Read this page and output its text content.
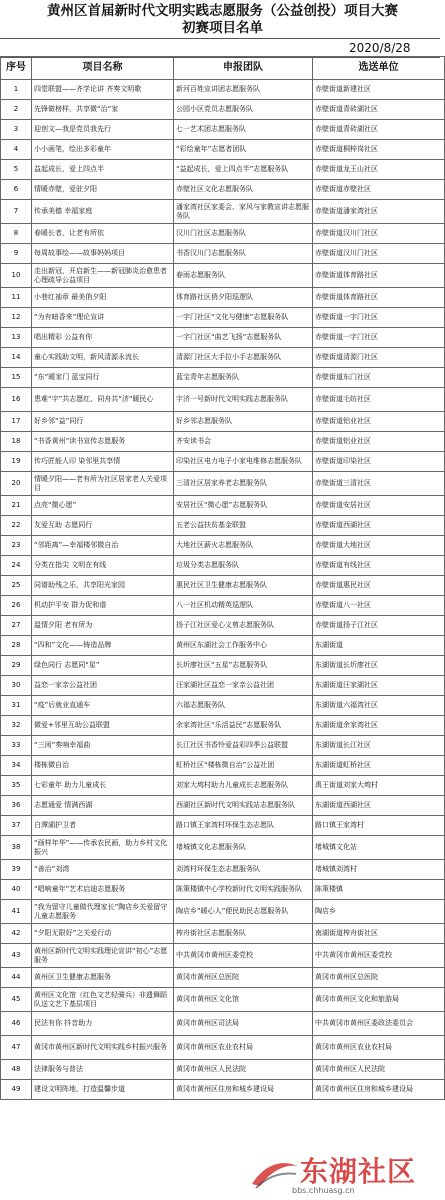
黄州区首届新时代文明实践志愿服务（公益创投）项目大赛
初赛项目名单
2020/8/28
序号	项目名称	申报团队	选送单位
1	四堂联盟——齐学论讲 齐奏文明歌	新河百姓宣讲团志愿服务队	赤壁街道新建社区
2	先锋做榜样，共享微“治”家	公园小区党员志愿服务队	赤壁街道青砖湖社区
3	迎创文—我是党员我先行	七一艺术团志愿服务队	赤壁街道青砖湖社区
4	小小画笔，绘出多彩童年	“彩绘童年”志愿者团队	赤壁街道桐梓岗社区
5	益起成长，爱上四点半	“益起成长，爱上四点半”志愿服务队	赤壁街道龙王山社区
6	情暖赤壁，爱驻夕阳	赤壁社区文化志愿服务队	赤壁街道赤壁社区
7	传承美德 幸福家庭	潘家湾社区家委会、家风与家教宣讲志愿服务队	赤壁街道潘家湾社区
8	春暖长者，让老有所依	汉川门社区志愿服务队	赤壁街道汉川门社区
9	每周故事绘——故事妈妈项目	书香汉川门志愿服务队	赤壁街道汉川门社区
10	走出新冠，开启新生——新冠肺炎治愈患者心理疏导公益项目	春雨志愿服务队	赤壁街道体育路社区
11	小巷红袖章 最美俏夕阳	体育路社区俏夕阳巡逻队	赤壁街道体育路社区
12	“为有暗香来”理论宣讲	一字门社区“文化与健康”志愿服务队	赤壁街道一字门社区
13	唱出精彩 公益有你	一字门社区“曲艺飞扬”志愿服务队	赤壁街道一字门社区
14	童心实践助文明，新风清源永流长	清源门社区大手拉小手志愿服务队	赤壁街道清源门社区
15	“东”暖家门 蓝宝同行	蓝宝青年志愿服务队	赤壁街道东门社区
16	患难“宇”共志愿红、同舟共“济”暖民心	宇济一号新时代文明实践志愿服务队	赤壁街道毛纺社区
17	好乡邻“益”同行	好乡邻志愿服务队	赤壁街道铝业社区
18	“书香黄州”读书宣传志愿服务	齐安读书会	赤壁街道铝业社区
19	传巧匠能人印 染邻里共享情	印染社区电力电子小家电维修志愿服务队	赤壁街道印染社区
20	情暖夕阳——老有所为社区居家老人关爱项目	三清社区居家养老志愿服务队	赤壁街道三清社区
21	点亮“微心愿”	安居社区“微心愿”志愿服务队	赤壁街道安居社区
22	友爱互助 志愿同行	五老公益扶贫基金联盟	赤壁街道西湖社区
23	“邻距离”—幸福楼邻微自治	大地社区薪火志愿服务队	赤壁街道大地社区
24	分类在指尖 文明在有线	垃圾分类志愿服务队	赤壁街道有线社区
25	同谱助残之乐，共享阳光家园	惠民社区卫生健康志愿服务队	赤壁街道惠民社区
26	机动护平安 群力促和谐	八一社区机动精英巡逻队	赤壁街道八一社区
27	温情夕阳 老有所为	扬子江社区爱心义剪志愿服务队	赤壁街道扬子江社区
28	“四和”文化——铸造品牌	黄州区东湖社会工作服务中心	东湖街道
29	绿色同行 志愿同“星”	长圻廖社区“五星”志愿服务队	东湖街道长圻廖社区
30	益恋一家亲公益社团	汪家湖社区益恋一家亲公益社团	东湖街道汪家湖社区
31	“疫”后就业直通车	六福志愿服务队	东湖街道六福湾社区
32	微爱+邻里互助公益联盟	余家湾社区“乐活益民”志愿服务队	东湖街道余家湾社区
33	“三闲”奏响幸福曲	长江社区书香怜爱益彩四季公益联盟	东湖街道长江社区
34	楼栋微自治	虹桥社区“楼栋微自治”公益社团	东湖街道虹桥社区
35	七彩童年 助力儿童成长	刘家大塆村助力儿童成长志愿服务队	禹王街道刘家大塆村
36	志愿通爱 情满西湖	西湖社区新时代文明实践站志愿服务队	东湖街道西湖社区
37	白潭湖护卫者	路口镇王家湾村环保生态志愿队	路口镇王家湾村
38	“画样年华”——传承农民画，助力乡村文化振兴	堵城镇文化志愿服务队	堵城镇文化站
39	“善治”刘湾	刘湾村环保生态志愿服务队	堵城镇刘湾村
40	“唱响童年”艺术启迪志愿服务	陈策楼镇中心学校新时代文明实践服务队	陈策楼镇
41	“我为留守儿童做代理家长”陶店乡关爱留守儿童志愿服务	陶店乡“暖心人”便民助民志愿服务队	陶店乡
42	“夕阳无限好”之关爱行动	榨舟街社区志愿服务队	南湖街道榨舟街社区
43	黄州区新时代文明实践理论宣讲“初心”志愿服务	中共黄冈市黄州区委党校	中共黄冈市黄州区委党校
44	黄州区卫生健康志愿服务	黄冈市黄州区总医院	黄冈市黄州区总医院
45	黄州区文化馆（红色文艺轻骑兵）非遗舞蹈队送文艺下基层项目	黄冈市黄州区文化馆	黄冈市黄州区文化和旅游局
46	民法有你 抖音助力	黄冈市黄州区司法局	中共黄冈市黄州区委政法委员会
47	黄冈市黄州区新时代文明实践乡村振兴服务	黄冈市黄州区农业农村局	黄冈市黄州区农业农村局
48	法律服务与普法	黄冈市黄州区人民法院	黄冈市黄州区人民法院
49	建设文明阵地，打造温馨步道	黄冈市黄州区住房和城乡建设局	黄冈市黄州区住房和城乡建设局
东湖社区
bbs.chhuasg.cn
